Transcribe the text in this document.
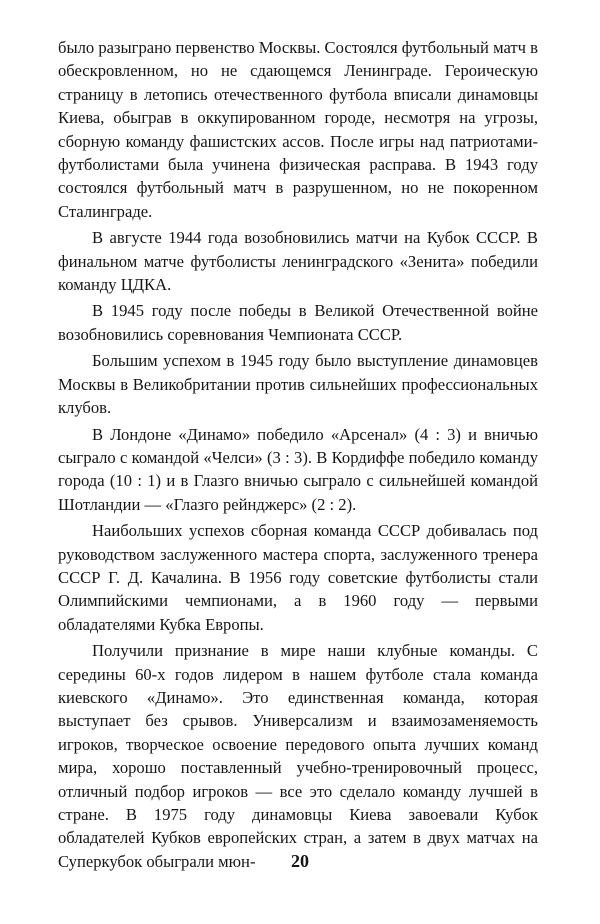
было разыграно первенство Москвы. Состоялся футбольный матч в обескровленном, но не сдающемся Ленинграде. Героическую страницу в летопись отечественного футбола вписали динамовцы Киева, обыграв в оккупированном городе, несмотря на угрозы, сборную команду фашистских ассов. После игры над патриотами-футболистами была учинена физическая расправа. В 1943 году состоялся футбольный матч в разрушенном, но не покоренном Сталинграде.

В августе 1944 года возобновились матчи на Кубок СССР. В финальном матче футболисты ленинградского «Зенита» победили команду ЦДКА.

В 1945 году после победы в Великой Отечественной войне возобновились соревнования Чемпионата СССР.

Большим успехом в 1945 году было выступление динамовцев Москвы в Великобритании против сильнейших профессиональных клубов.

В Лондоне «Динамо» победило «Арсенал» (4 : 3) и вничью сыграло с командой «Челси» (3 : 3). В Кордиффе победило команду города (10 : 1) и в Глазго вничью сыграло с сильнейшей командой Шотландии — «Глазго рейнджерс» (2 : 2).

Наибольших успехов сборная команда СССР добивалась под руководством заслуженного мастера спорта, заслуженного тренера СССР Г. Д. Качалина. В 1956 году советские футболисты стали Олимпийскими чемпионами, а в 1960 году — первыми обладателями Кубка Европы.

Получили признание в мире наши клубные команды. С середины 60-х годов лидером в нашем футболе стала команда киевского «Динамо». Это единственная команда, которая выступает без срывов. Универсализм и взаимозаменяемость игроков, творческое освоение передового опыта лучших команд мира, хорошо поставленный учебно-тренировочный процесс, отличный подбор игроков — все это сделало команду лучшей в стране. В 1975 году динамовцы Киева завоевали Кубок обладателей Кубков европейских стран, а затем в двух матчах на Суперкубок обыграли мюн-	20
